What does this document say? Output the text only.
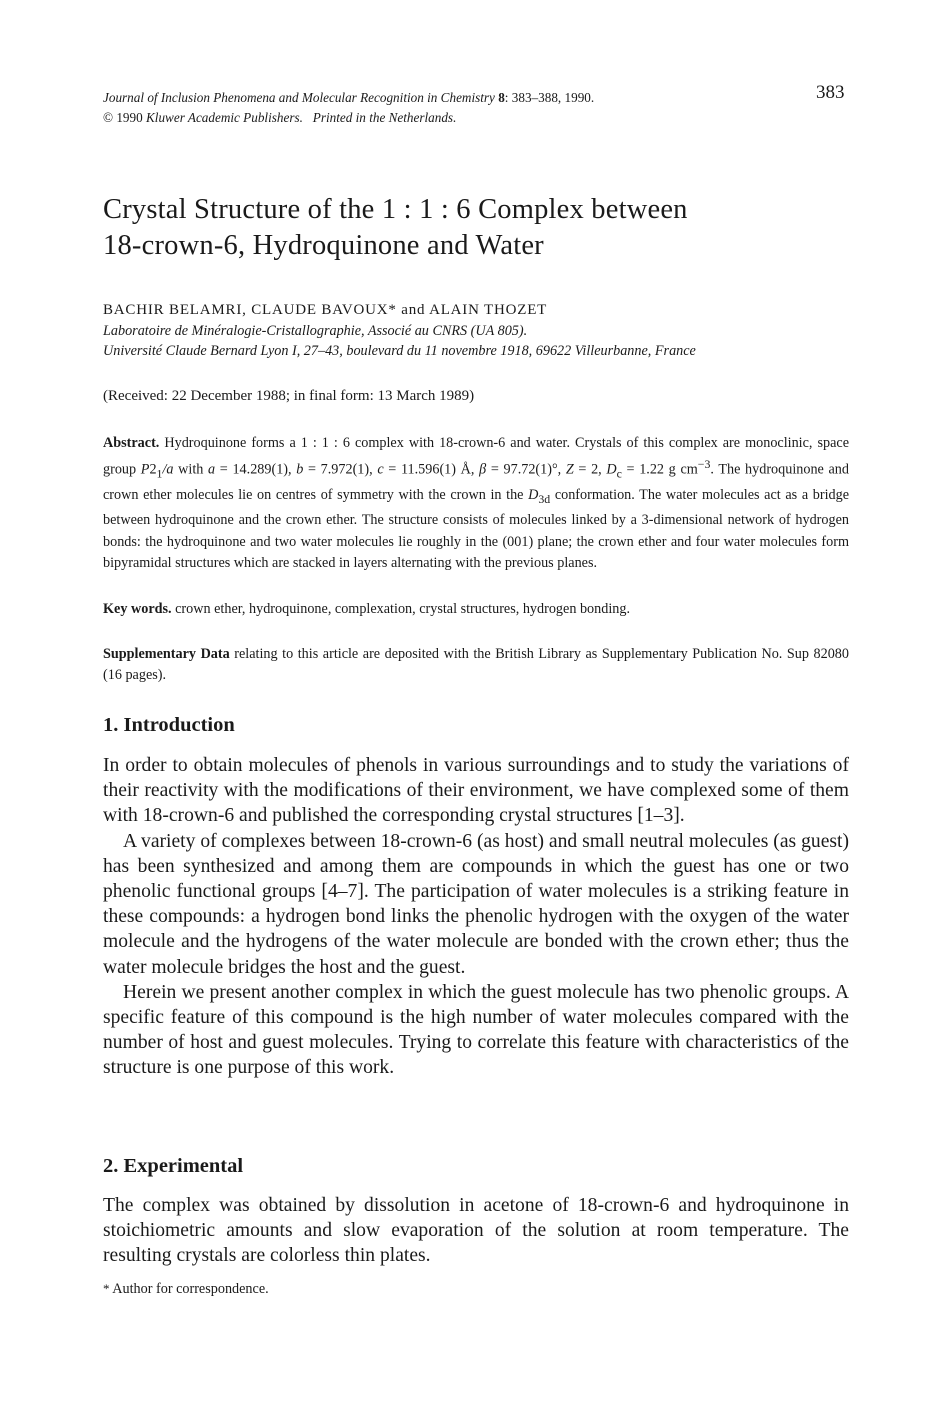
Journal of Inclusion Phenomena and Molecular Recognition in Chemistry 8: 383–388, 1990.
© 1990 Kluwer Academic Publishers.   Printed in the Netherlands.
383
Crystal Structure of the 1 : 1 : 6 Complex between
18-crown-6, Hydroquinone and Water
BACHIR BELAMRI, CLAUDE BAVOUX* and ALAIN THOZET
Laboratoire de Minéralogie-Cristallographie, Associé au CNRS (UA 805).
Université Claude Bernard Lyon I, 27–43, boulevard du 11 novembre 1918, 69622 Villeurbanne, France
(Received: 22 December 1988; in final form: 13 March 1989)
Abstract. Hydroquinone forms a 1 : 1 : 6 complex with 18-crown-6 and water. Crystals of this complex are monoclinic, space group $P2_1/a$ with a = 14.289(1), b = 7.972(1), c = 11.596(1) Å, β = 97.72(1)°, Z = 2, $D_c = 1.22$ g $cm^{-3}$. The hydroquinone and crown ether molecules lie on centres of symmetry with the crown in the $D_{3d}$ conformation. The water molecules act as a bridge between hydroquinone and the crown ether. The structure consists of molecules linked by a 3-dimensional network of hydrogen bonds: the hydroquinone and two water molecules lie roughly in the (001) plane; the crown ether and four water molecules form bipyramidal structures which are stacked in layers alternating with the previous planes.
Key words. crown ether, hydroquinone, complexation, crystal structures, hydrogen bonding.
Supplementary Data relating to this article are deposited with the British Library as Supplementary Publication No. Sup 82080 (16 pages).
1. Introduction

In order to obtain molecules of phenols in various surroundings and to study the variations of their reactivity with the modifications of their environment, we have complexed some of them with 18-crown-6 and published the corresponding crystal structures [1–3].

A variety of complexes between 18-crown-6 (as host) and small neutral molecules (as guest) has been synthesized and among them are compounds in which the guest has one or two phenolic functional groups [4–7]. The participation of water molecules is a striking feature in these compounds: a hydrogen bond links the phenolic hydrogen with the oxygen of the water molecule and the hydrogens of the water molecule are bonded with the crown ether; thus the water molecule bridges the host and the guest.

Herein we present another complex in which the guest molecule has two phenolic groups. A specific feature of this compound is the high number of water molecules compared with the number of host and guest molecules. Trying to correlate this feature with characteristics of the structure is one purpose of this work.

2. Experimental

The complex was obtained by dissolution in acetone of 18-crown-6 and hydroquinone in stoichiometric amounts and slow evaporation of the solution at room temperature. The resulting crystals are colorless thin plates.

* Author for correspondence.
